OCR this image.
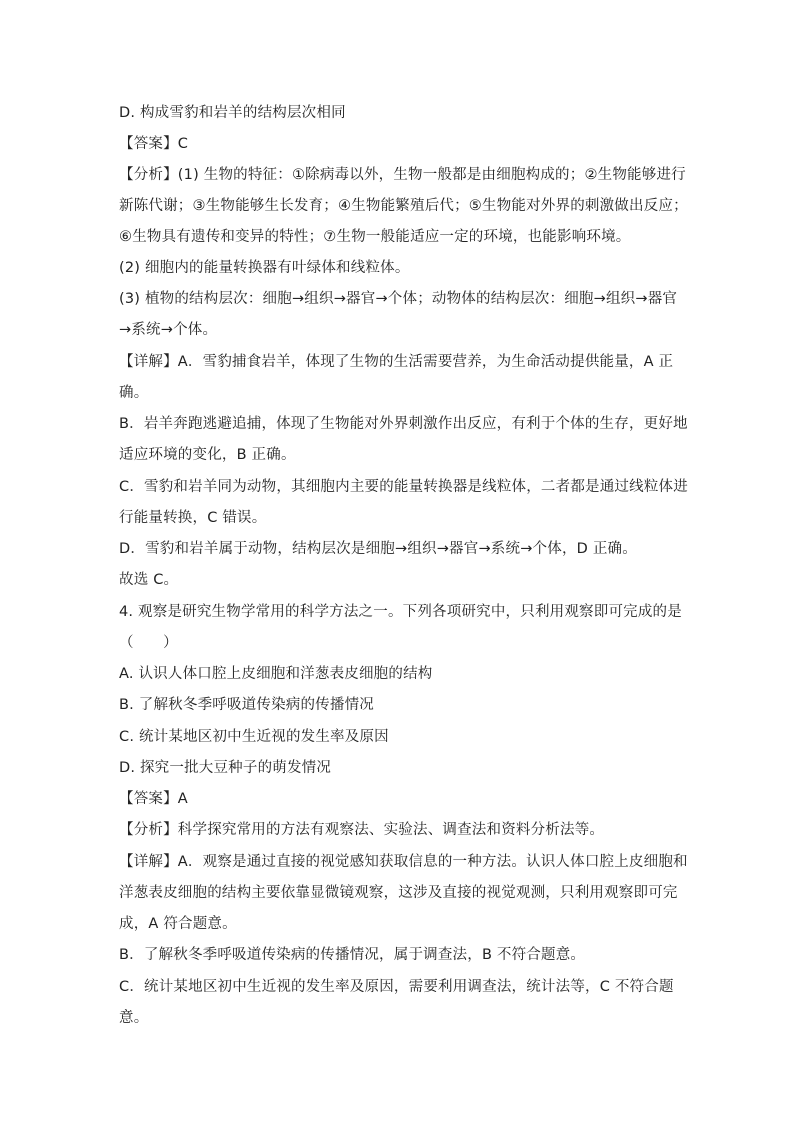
D. 构成雪豹和岩羊的结构层次相同
【答案】C
【分析】(1) 生物的特征：①除病毒以外，生物一般都是由细胞构成的；②生物能够进行
新陈代谢；③生物能够生长发育；④生物能繁殖后代；⑤生物能对外界的刺激做出反应；
⑥生物具有遗传和变异的特性；⑦生物一般能适应一定的环境，也能影响环境。
(2) 细胞内的能量转换器有叶绿体和线粒体。
(3) 植物的结构层次：细胞→组织→器官→个体；动物体的结构层次：细胞→组织→器官
→系统→个体。
【详解】A．雪豹捕食岩羊，体现了生物的生活需要营养，为生命活动提供能量，A 正
确。
B．岩羊奔跑逃避追捕，体现了生物能对外界刺激作出反应，有利于个体的生存，更好地
适应环境的变化，B 正确。
C．雪豹和岩羊同为动物，其细胞内主要的能量转换器是线粒体，二者都是通过线粒体进
行能量转换，C 错误。
D．雪豹和岩羊属于动物，结构层次是细胞→组织→器官→系统→个体，D 正确。
故选 C。
4. 观察是研究生物学常用的科学方法之一。下列各项研究中，只利用观察即可完成的是
（　　）
A. 认识人体口腔上皮细胞和洋葱表皮细胞的结构
B. 了解秋冬季呼吸道传染病的传播情况
C. 统计某地区初中生近视的发生率及原因
D. 探究一批大豆种子的萌发情况
【答案】A
【分析】科学探究常用的方法有观察法、实验法、调查法和资料分析法等。
【详解】A．观察是通过直接的视觉感知获取信息的一种方法。认识人体口腔上皮细胞和
洋葱表皮细胞的结构主要依靠显微镜观察，这涉及直接的视觉观测，只利用观察即可完
成，A 符合题意。
B．了解秋冬季呼吸道传染病的传播情况，属于调查法，B 不符合题意。
C．统计某地区初中生近视的发生率及原因，需要利用调查法，统计法等，C 不符合题
意。
